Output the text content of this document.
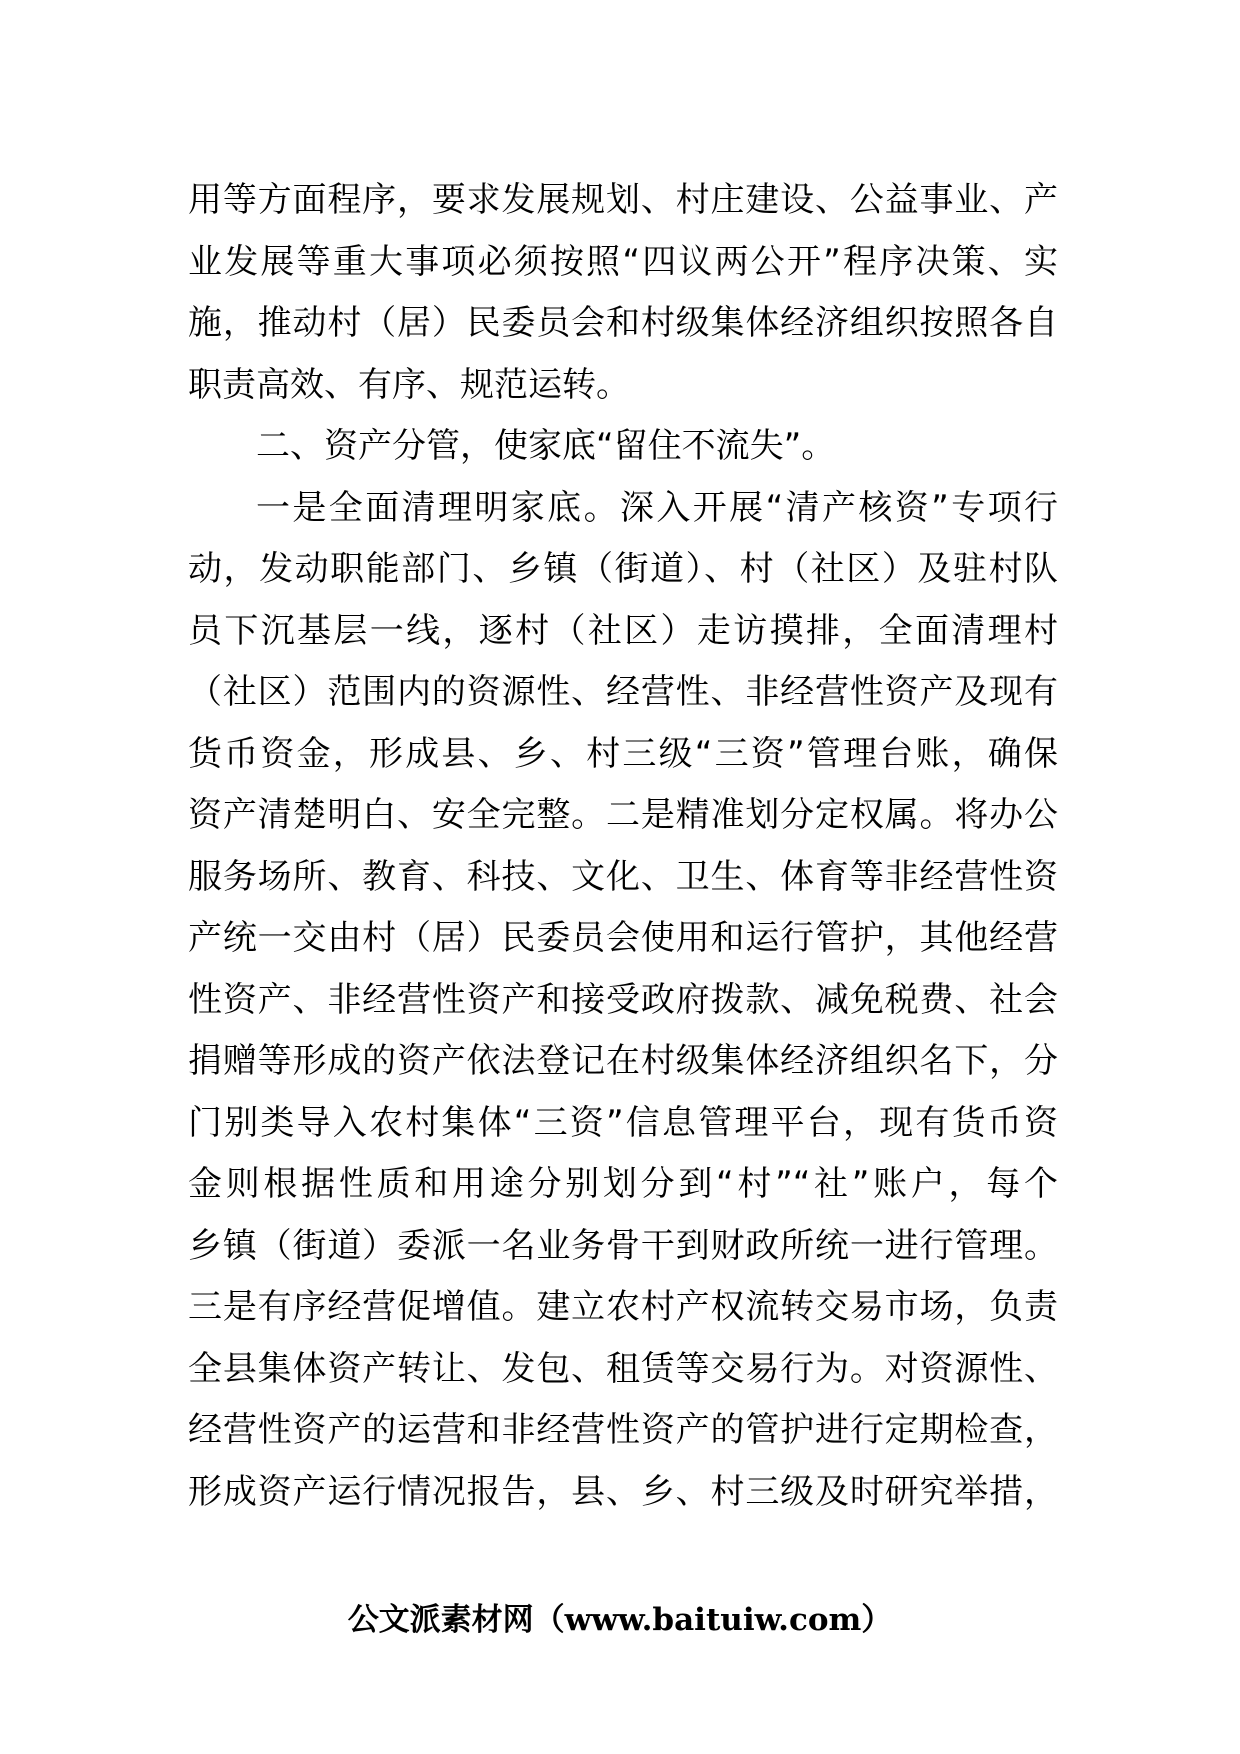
用等方面程序，要求发展规划、村庄建设、公益事业、产
业发展等重大事项必须按照“四议两公开”程序决策、实
施，推动村（居）民委员会和村级集体经济组织按照各自
职责高效、有序、规范运转。
二、资产分管，使家底“留住不流失”。
一是全面清理明家底。深入开展“清产核资”专项行
动，发动职能部门、乡镇（街道）、村（社区）及驻村队
员下沉基层一线，逐村（社区）走访摸排，全面清理村
（社区）范围内的资源性、经营性、非经营性资产及现有
货币资金，形成县、乡、村三级“三资”管理台账，确保
资产清楚明白、安全完整。二是精准划分定权属。将办公
服务场所、教育、科技、文化、卫生、体育等非经营性资
产统一交由村（居）民委员会使用和运行管护，其他经营
性资产、非经营性资产和接受政府拨款、减免税费、社会
捐赠等形成的资产依法登记在村级集体经济组织名下，分
门别类导入农村集体“三资”信息管理平台，现有货币资
金则根据性质和用途分别划分到“村”“社”账户，每个
乡镇（街道）委派一名业务骨干到财政所统一进行管理。
三是有序经营促增值。建立农村产权流转交易市场，负责
全县集体资产转让、发包、租赁等交易行为。对资源性、
经营性资产的运营和非经营性资产的管护进行定期检查，
形成资产运行情况报告，县、乡、村三级及时研究举措，
公文派素材网（www.baituiw.com）
